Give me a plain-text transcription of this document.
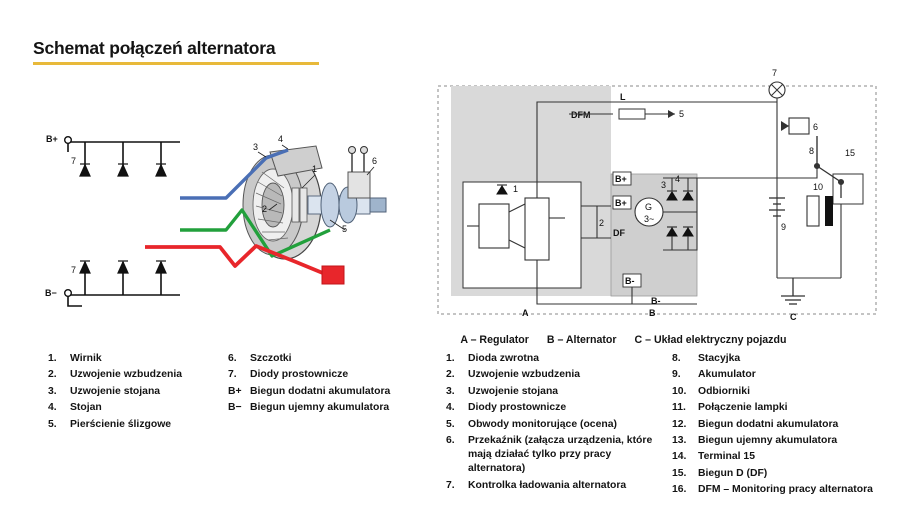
Schemat połączeń alternatora
B+
B−
7
7
3
4
1
2
5
6
1
2
B+
B+
DF
DFM
B-
G
3~
3
4
L
5
7
6
8	15
9
10
B-
A	B	C

A – Regulator B – Alternator C – Układ elektryczny pojazdu

1.	Wirnik
2.	Uzwojenie wzbudzenia
3.	Uzwojenie stojana
4.	Stojan
5.	Pierścienie ślizgowe
6.	Szczotki
7.	Diody prostownicze
B+ Biegun dodatni akumulatora
B− Biegun ujemny akumulatora
1.	Dioda zwrotna
2.	Uzwojenie wzbudzenia
3.	Uzwojenie stojana
4.	Diody prostownicze
5.	Obwody monitorujące (ocena)
6.	Przekaźnik (załącza urządzenia, które mają działać tylko przy pracy alternatora)
7.	Kontrolka ładowania alternatora
8.	Stacyjka
9.	Akumulator
10.	Odbiorniki
11.	Połączenie lampki
12.	Biegun dodatni akumulatora
13.	Biegun ujemny akumulatora
14.	Terminal 15
15.	Biegun D (DF)
16.	DFM – Monitoring pracy alternatora
